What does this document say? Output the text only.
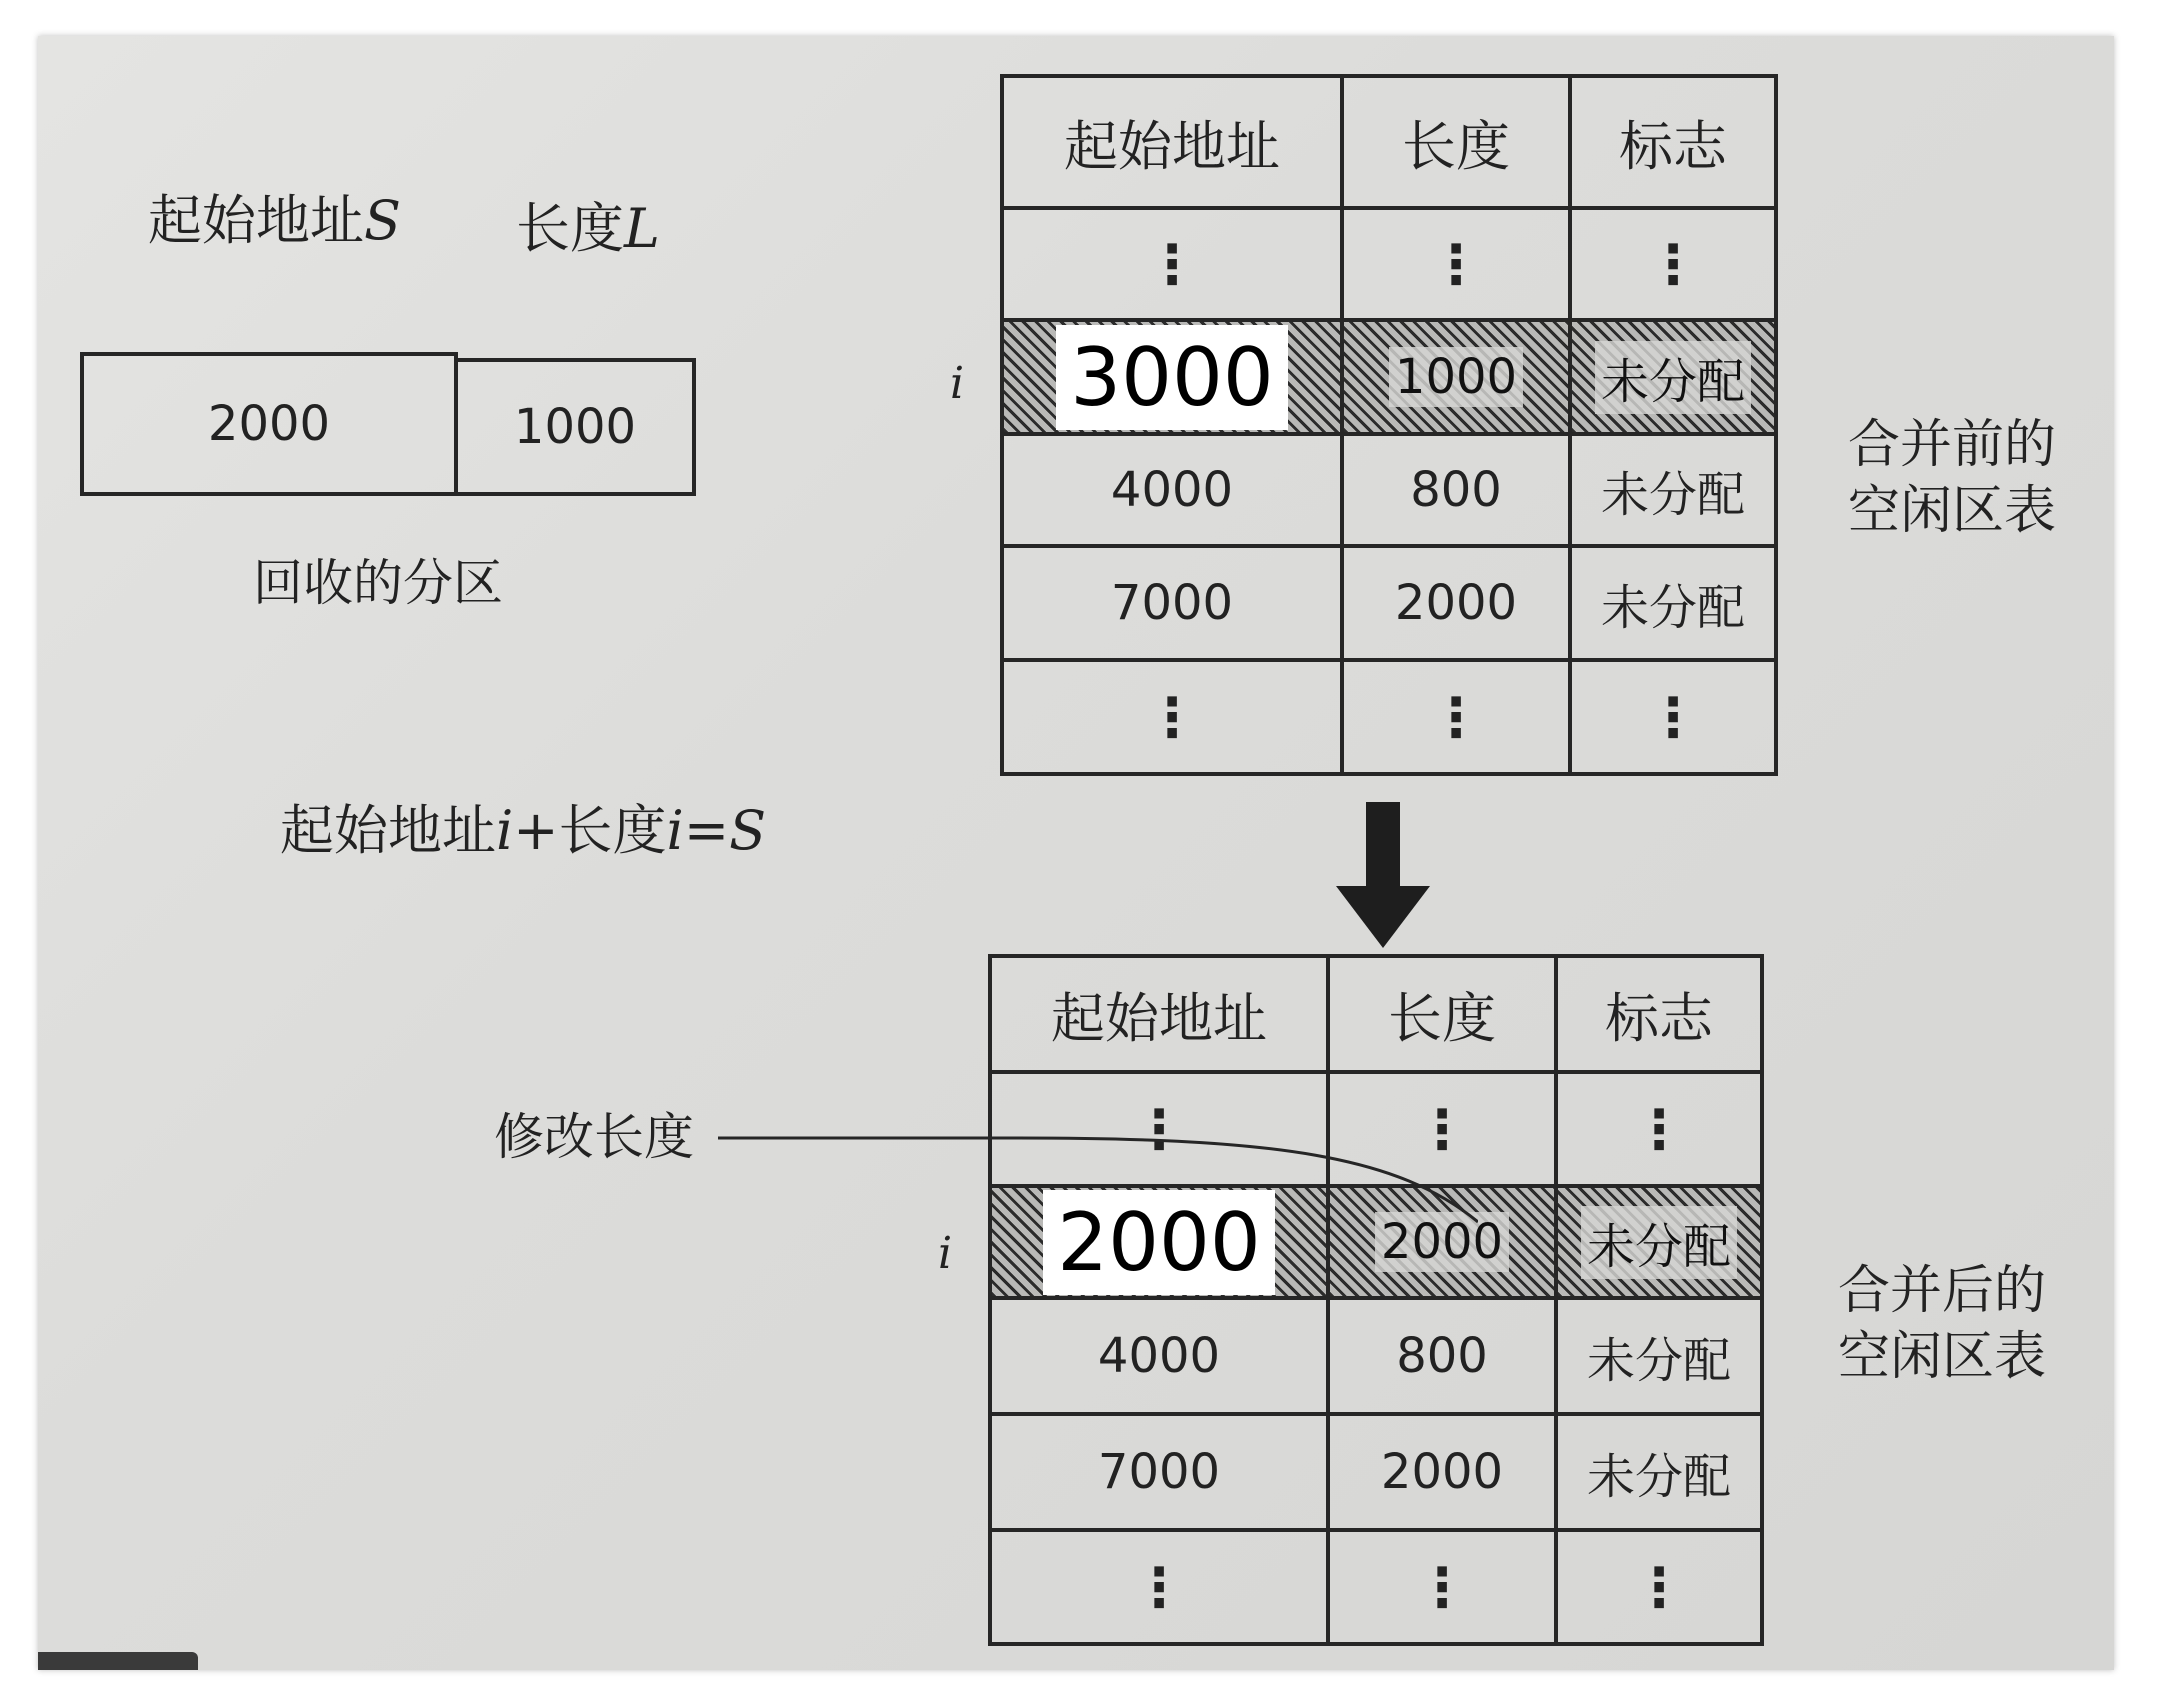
起始地址S 长度L
2000	1000
回收的分区
起始地址i+长度i=S
起始地址	长度	标志
⋮	⋮	⋮
i 3000	1000 未分配
4000	800	未分配
7000	2000	未分配
⋮	⋮	⋮
合并前的
空闲区表
起始地址	长度	标志
⋮	⋮	⋮
i 2000	2000 未分配
4000	800	未分配
7000	2000	未分配
⋮	⋮	⋮
合并后的
空闲区表
修改长度
